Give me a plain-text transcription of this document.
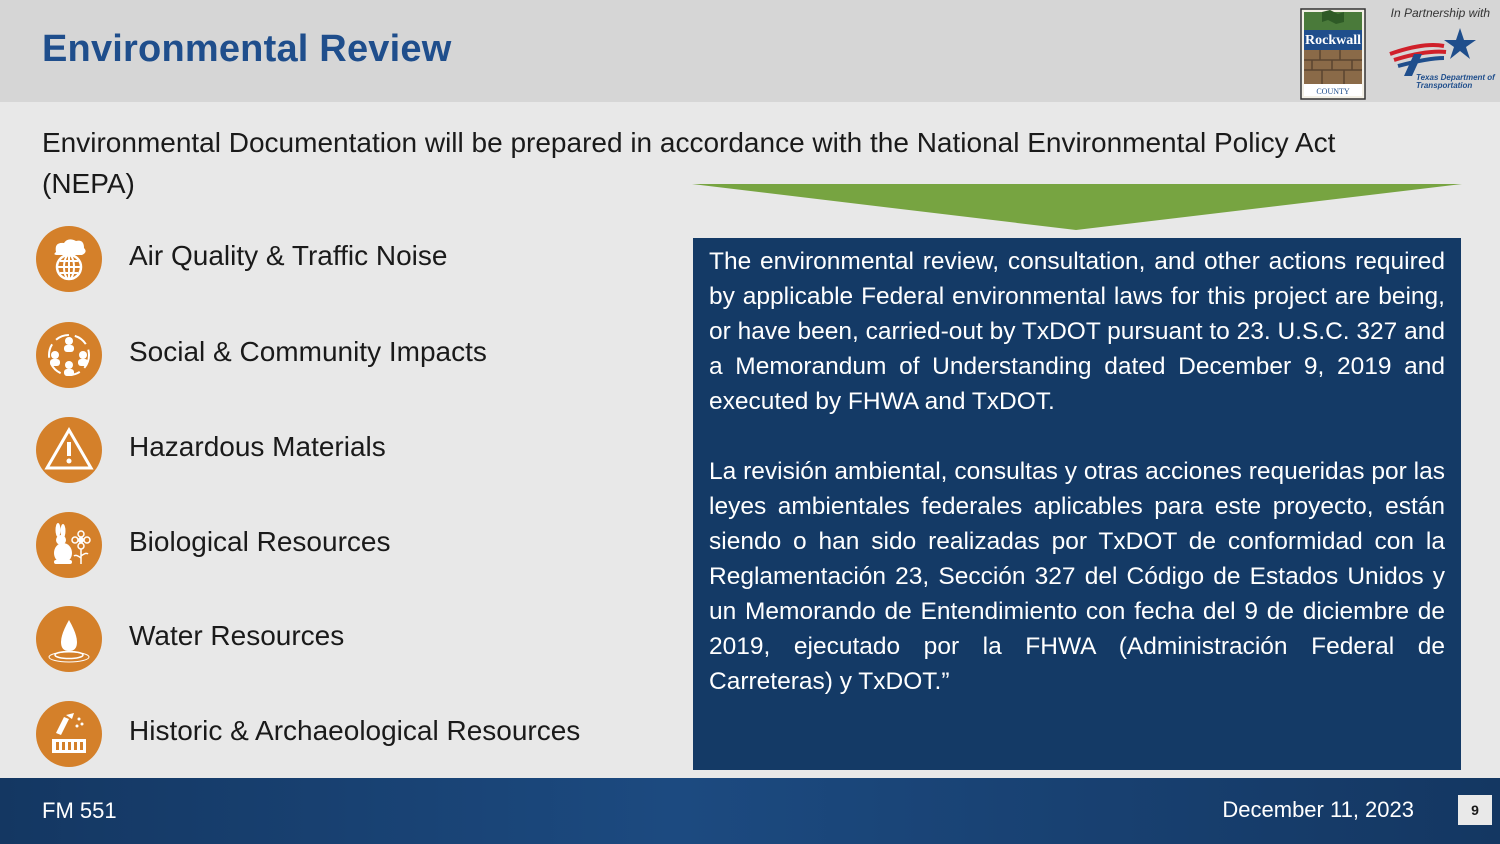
Environmental Review
In Partnership with
Rockwall
COUNTY
Texas Department of Transportation
Environmental Documentation will be prepared in accordance with the National Environmental Policy Act (NEPA)
Air Quality & Traffic Noise
Social & Community Impacts
Hazardous Materials
Biological Resources
Water Resources
Historic & Archaeological Resources

The environmental review, consultation, and other actions required by applicable Federal environmental laws for this project are being, or have been, carried-out by TxDOT pursuant to 23. U.S.C. 327 and a Memorandum of Understanding dated December 9, 2019 and executed by FHWA and TxDOT.

La revisión ambiental, consultas y otras acciones requeridas por las leyes ambientales federales aplicables para este proyecto, están siendo o han sido realizadas por TxDOT de conformidad con la Reglamentación 23, Sección 327 del Código de Estados Unidos y un Memorando de Entendimiento con fecha del 9 de diciembre de 2019, ejecutado por la FHWA (Administración Federal de Carreteras) y TxDOT.”

FM 551	December 11, 2023	9
